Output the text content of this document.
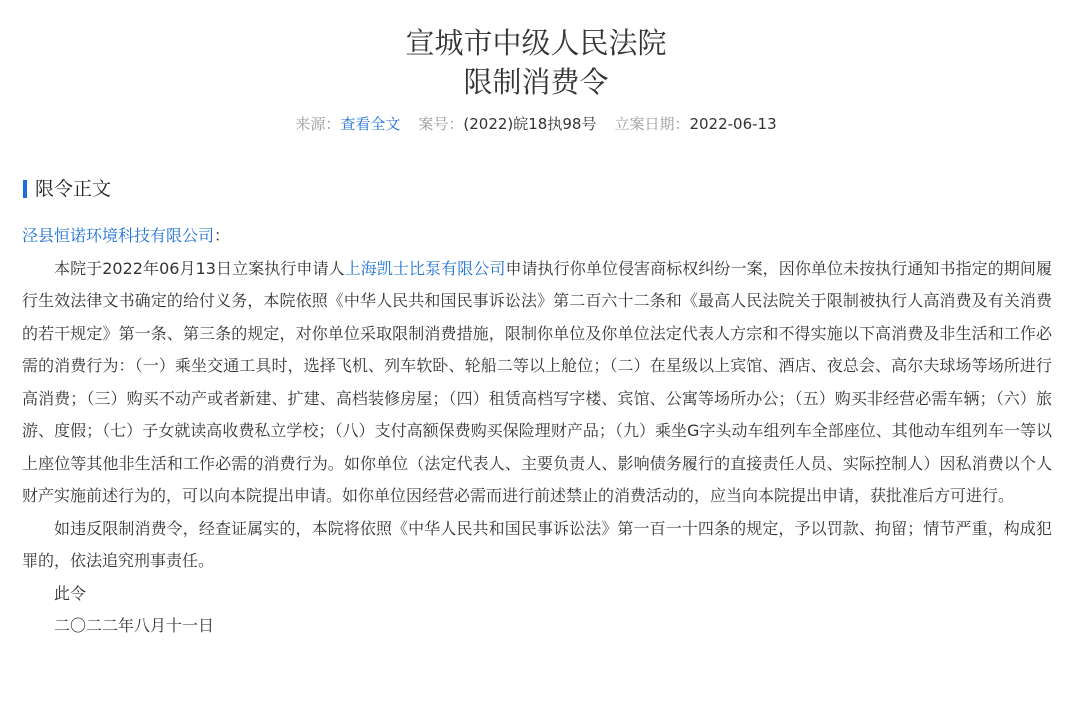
宣城市中级人民法院
限制消费令
来源：查看全文 案号：(2022)皖18执98号 立案日期：2022-06-13
限令正文
泾县恒诺环境科技有限公司：

本院于2022年06月13日立案执行申请人上海凯士比泵有限公司申请执行你单位侵害商标权纠纷一案，因你单位未按执行通知书指定的期间履行生效法律文书确定的给付义务，本院依照《中华人民共和国民事诉讼法》第二百六十二条和《最高人民法院关于限制被执行人高消费及有关消费的若干规定》第一条、第三条的规定，对你单位采取限制消费措施，限制你单位及你单位法定代表人方宗和不得实施以下高消费及非生活和工作必需的消费行为：（一）乘坐交通工具时，选择飞机、列车软卧、轮船二等以上舱位；（二）在星级以上宾馆、酒店、夜总会、高尔夫球场等场所进行高消费；（三）购买不动产或者新建、扩建、高档装修房屋；（四）租赁高档写字楼、宾馆、公寓等场所办公；（五）购买非经营必需车辆；（六）旅游、度假；（七）子女就读高收费私立学校；（八）支付高额保费购买保险理财产品；（九）乘坐G字头动车组列车全部座位、其他动车组列车一等以上座位等其他非生活和工作必需的消费行为。如你单位（法定代表人、主要负责人、影响债务履行的直接责任人员、实际控制人）因私消费以个人财产实施前述行为的，可以向本院提出申请。如你单位因经营必需而进行前述禁止的消费活动的，应当向本院提出申请，获批准后方可进行。

如违反限制消费令，经查证属实的，本院将依照《中华人民共和国民事诉讼法》第一百一十四条的规定，予以罚款、拘留；情节严重，构成犯罪的，依法追究刑事责任。

此令

二〇二二年八月十一日
